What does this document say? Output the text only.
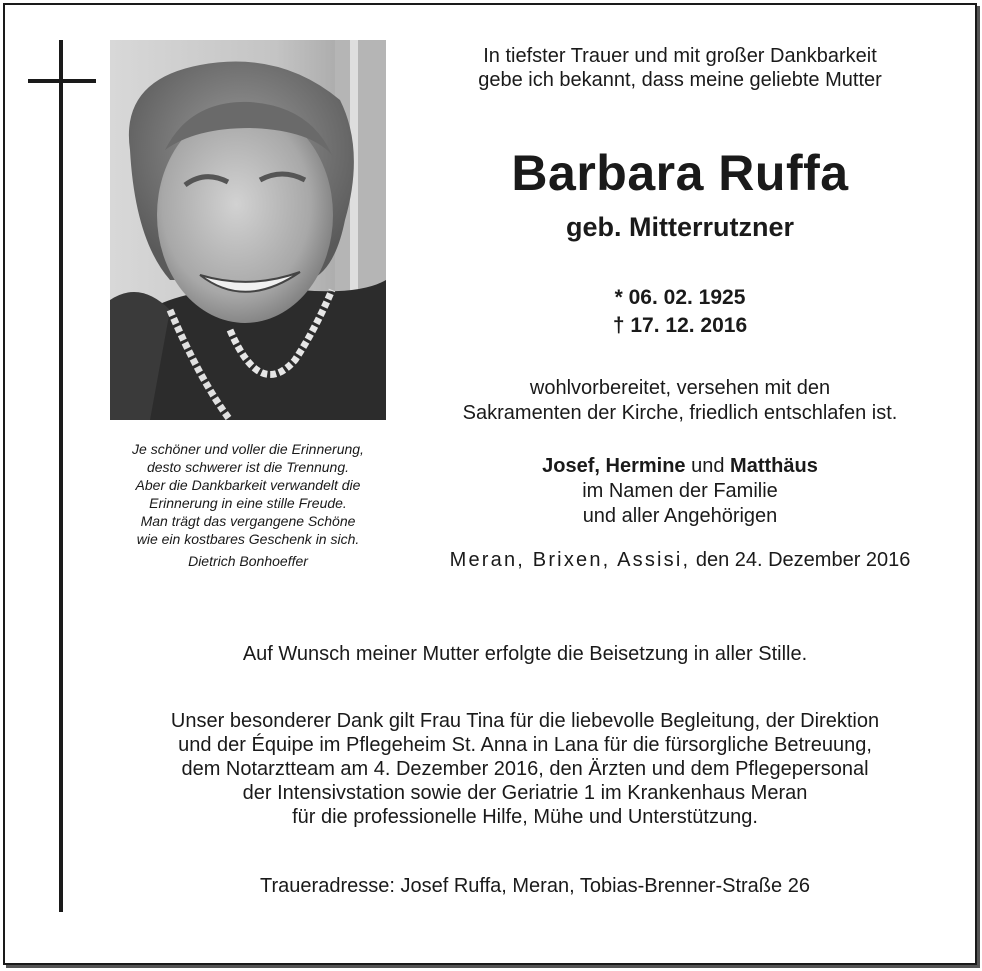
Je schöner und voller die Erinnerung,
desto schwerer ist die Trennung.
Aber die Dankbarkeit verwandelt die
Erinnerung in eine stille Freude.
Man trägt das vergangene Schöne
wie ein kostbares Geschenk in sich.
Dietrich Bonhoeffer
In tiefster Trauer und mit großer Dankbarkeit
gebe ich bekannt, dass meine geliebte Mutter
Barbara Ruffa
geb. Mitterrutzner
* 06. 02. 1925
† 17. 12. 2016
wohlvorbereitet, versehen mit den
Sakramenten der Kirche, friedlich entschlafen ist.
Josef, Hermine und Matthäus
im Namen der Familie
und aller Angehörigen
Meran, Brixen, Assisi, den 24. Dezember 2016
Auf Wunsch meiner Mutter erfolgte die Beisetzung in aller Stille.
Unser besonderer Dank gilt Frau Tina für die liebevolle Begleitung, der Direktion
und der Équipe im Pflegeheim St. Anna in Lana für die fürsorgliche Betreuung,
dem Notarztteam am 4. Dezember 2016, den Ärzten und dem Pflegepersonal
der Intensivstation sowie der Geriatrie 1 im Krankenhaus Meran
für die professionelle Hilfe, Mühe und Unterstützung.
Traueradresse: Josef Ruffa, Meran, Tobias-Brenner-Straße 26
